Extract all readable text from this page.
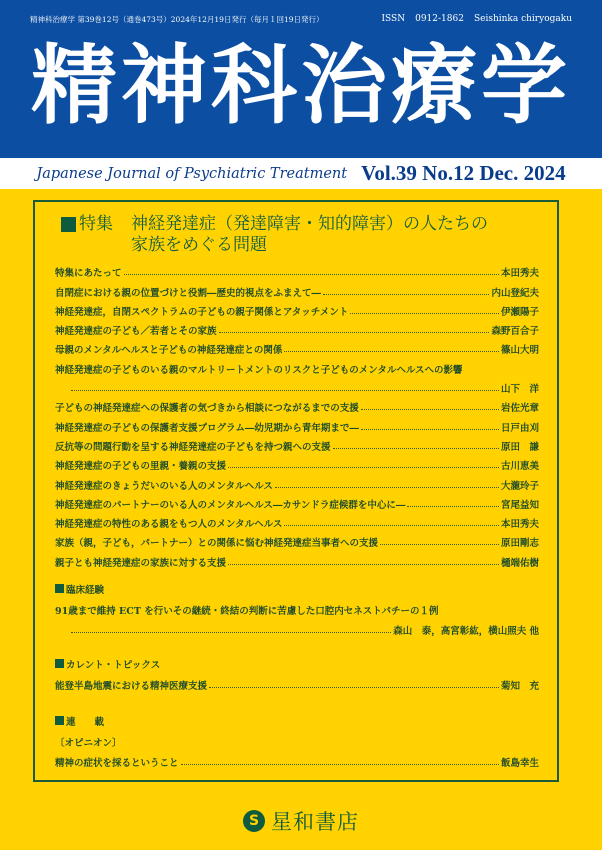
精神科治療学 第39巻12号（通巻473号）2024年12月19日発行（毎月１回19日発行）	ISSN 0912-1862 Seishinka chiryogaku
精神科治療学
Japanese Journal of Psychiatric Treatment Vol.39 No.12 Dec. 2024
特集 神経発達症（発達障害・知的障害）の人たちの家族をめぐる問題
特集にあたって	本田秀夫
自閉症における親の位置づけと役割―歴史的視点をふまえて―	内山登紀夫
神経発達症，自閉スペクトラムの子どもの親子関係とアタッチメント	伊瀬陽子
神経発達症の子ども／若者とその家族	森野百合子
母親のメンタルヘルスと子どもの神経発達症との関係	篠山大明
神経発達症の子どものいる親のマルトリートメントのリスクと子どものメンタルヘルスへの影響
山下　洋
子どもの神経発達症への保護者の気づきから相談につながるまでの支援	岩佐光章
神経発達症の子どもの保護者支援プログラム―幼児期から青年期まで―	日戸由刈
反抗等の問題行動を呈する神経発達症の子どもを持つ親への支援	原田　謙
神経発達症の子どもの里親・養親の支援	古川恵美
神経発達症のきょうだいのいる人のメンタルヘルス	大瀧玲子
神経発達症のパートナーのいる人のメンタルヘルス―カサンドラ症候群を中心に―	宮尾益知
神経発達症の特性のある親をもつ人のメンタルヘルス	本田秀夫
家族（親，子ども，パートナー）との関係に悩む神経発達症当事者への支援	原田剛志
親子とも神経発達症の家族に対する支援	樋端佑樹
臨床経験
91歳まで維持 ECT を行いその継続・終結の判断に苦慮した口腔内セネストパチーの１例
森山　泰，高宮彰紘，横山照夫 他
カレント・トピックス
能登半島地震における精神医療支援	菊知　充
連　　載
〔オピニオン〕
精神の症状を採るということ	飯島幸生
S 星和書店
